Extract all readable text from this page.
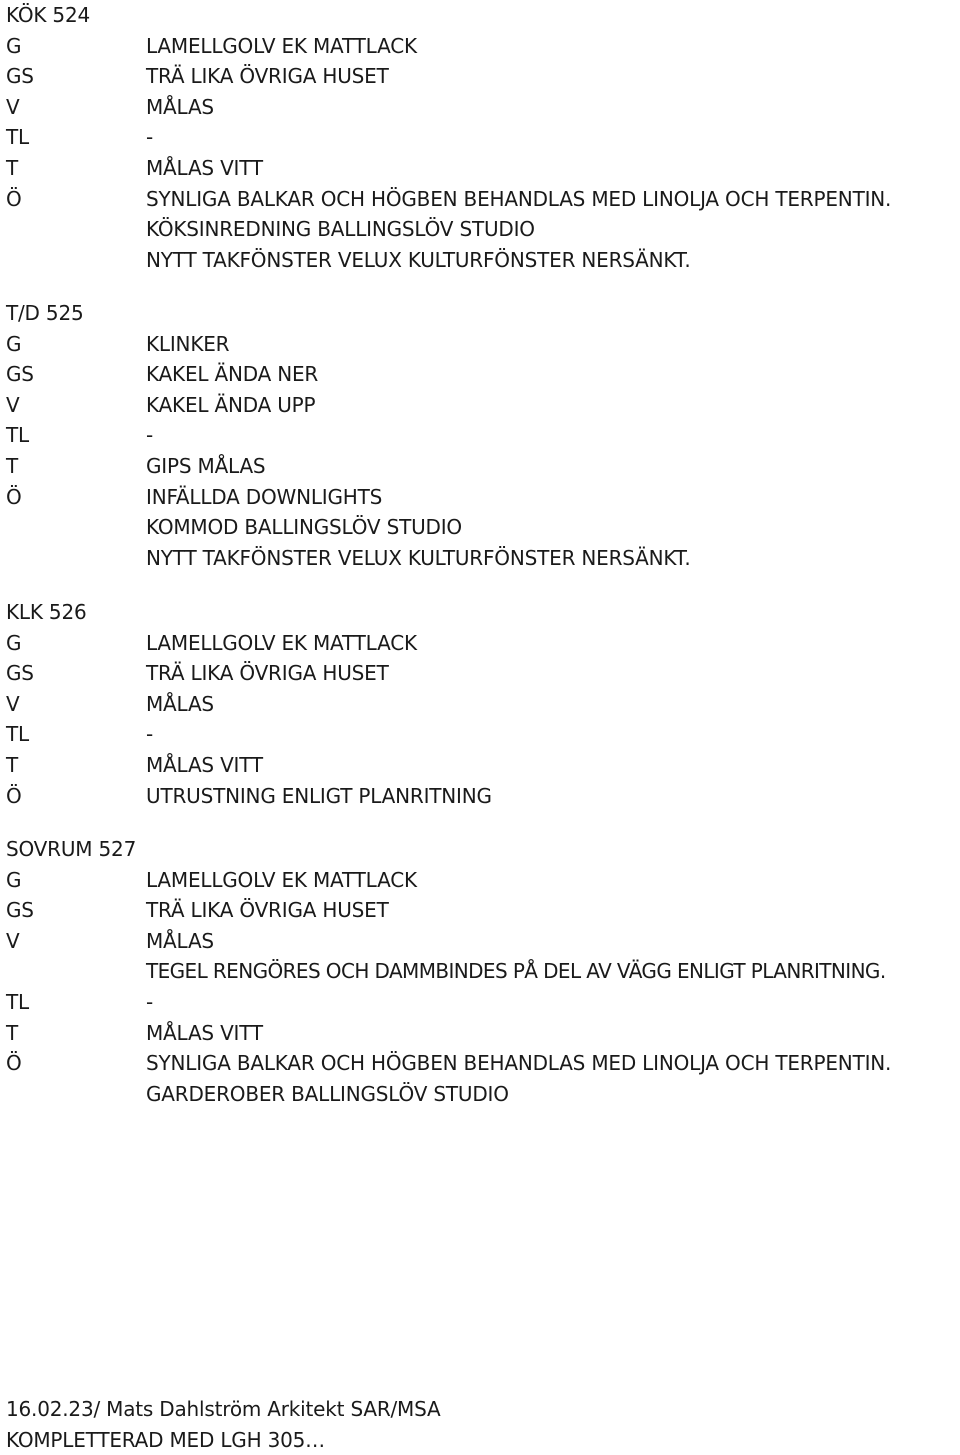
KÖK 524
G	LAMELLGOLV EK MATTLACK
GS	TRÄ LIKA ÖVRIGA HUSET
V	MÅLAS
TL	-
T	MÅLAS VITT
Ö	SYNLIGA BALKAR OCH HÖGBEN BEHANDLAS MED LINOLJA OCH TERPENTIN.
KÖKSINREDNING BALLINGSLÖV STUDIO
NYTT TAKFÖNSTER VELUX KULTURFÖNSTER NERSÄNKT.
T/D 525
G	KLINKER
GS	KAKEL ÄNDA NER
V	KAKEL ÄNDA UPP
TL	-
T	GIPS MÅLAS
Ö	INFÄLLDA DOWNLIGHTS
KOMMOD BALLINGSLÖV STUDIO
NYTT TAKFÖNSTER VELUX KULTURFÖNSTER NERSÄNKT.
KLK 526
G	LAMELLGOLV EK MATTLACK
GS	TRÄ LIKA ÖVRIGA HUSET
V	MÅLAS
TL	-
T	MÅLAS VITT
Ö	UTRUSTNING ENLIGT PLANRITNING
SOVRUM 527
G	LAMELLGOLV EK MATTLACK
GS	TRÄ LIKA ÖVRIGA HUSET
V	MÅLAS
TEGEL RENGÖRES OCH DAMMBINDES PÅ DEL AV VÄGG ENLIGT PLANRITNING.
TL	-
T	MÅLAS VITT
Ö	SYNLIGA BALKAR OCH HÖGBEN BEHANDLAS MED LINOLJA OCH TERPENTIN.
GARDEROBER BALLINGSLÖV STUDIO
16.02.23/ Mats Dahlström Arkitekt SAR/MSA
KOMPLETTERAD MED LGH 305…
